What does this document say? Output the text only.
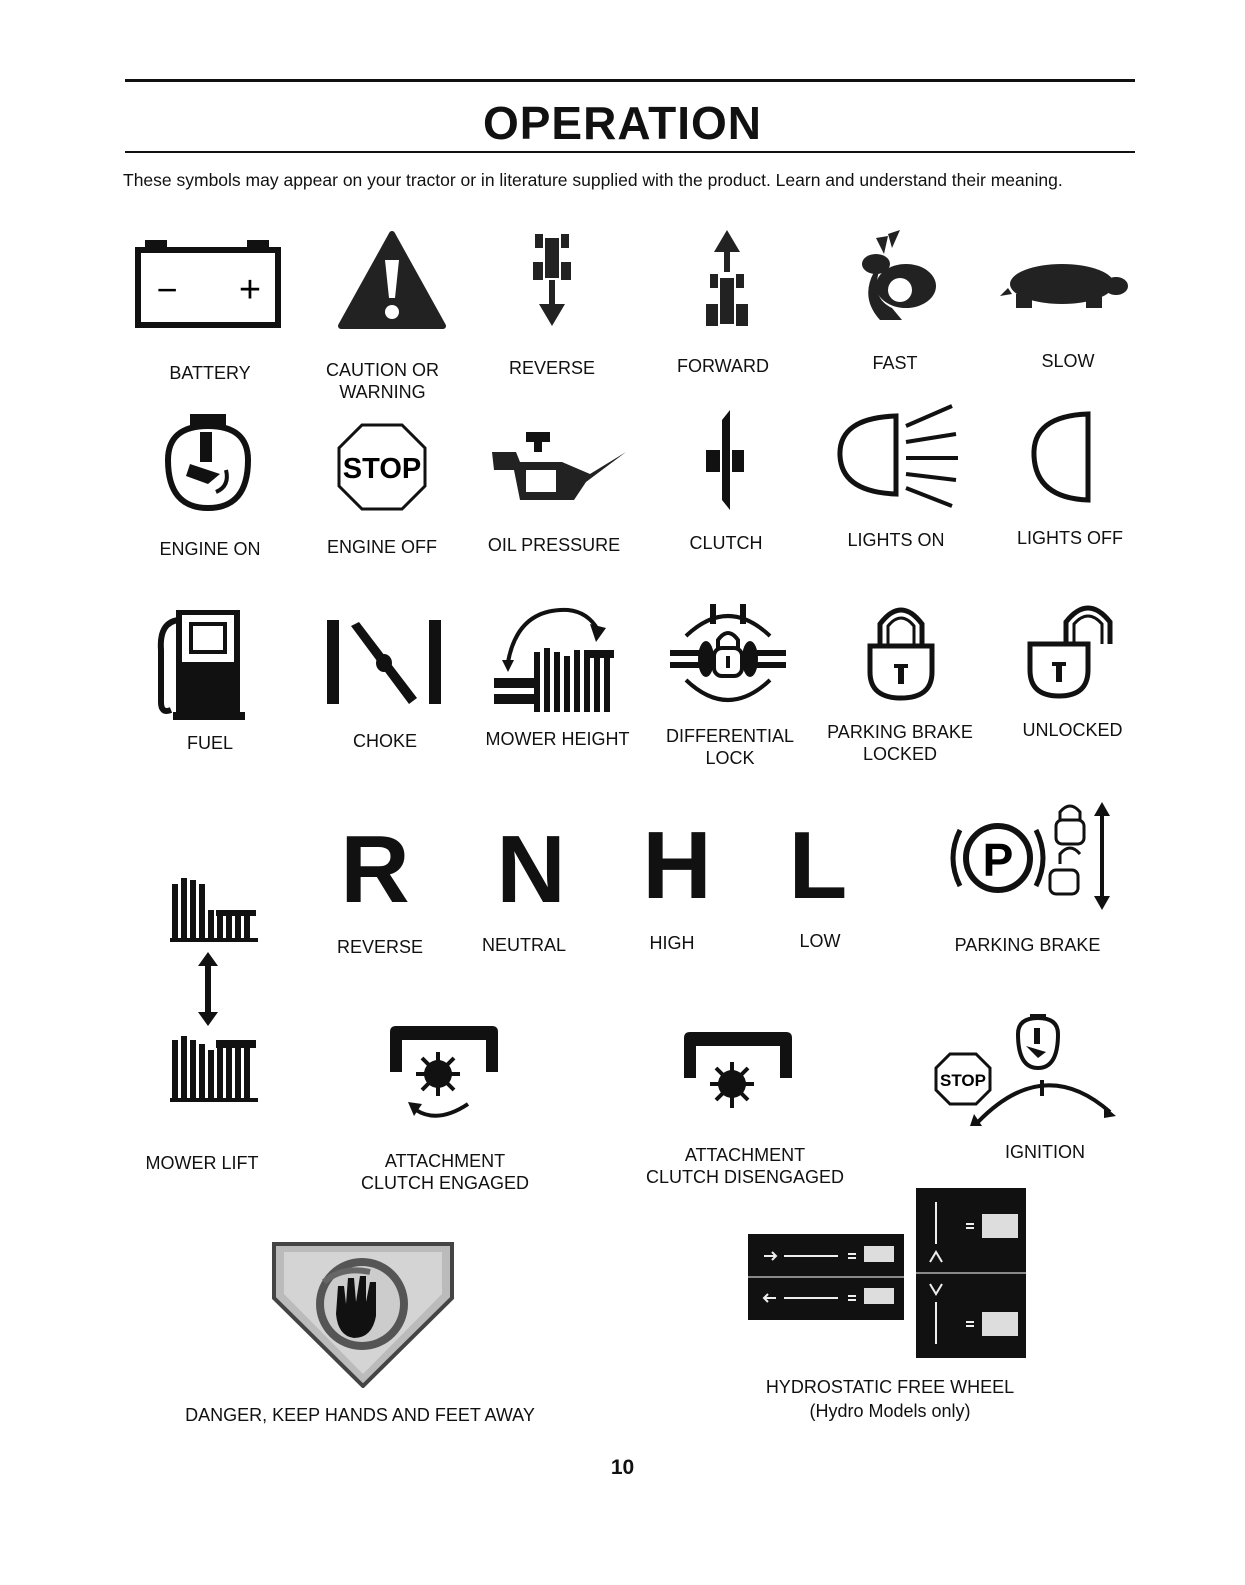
OPERATION
These symbols may appear on your tractor or in literature supplied with the product. Learn and understand their meaning.
− +
BATTERY	CAUTION OR
WARNING
REVERSE	FORWARD	FAST	SLOW
STOP
ENGINE ON	ENGINE OFF	OIL PRESSURE	CLUTCH	LIGHTS ON	LIGHTS OFF
FUEL	CHOKE	MOWER HEIGHT	DIFFERENTIAL
LOCK
PARKING BRAKE
LOCKED
UNLOCKED
R N H L	P
REVERSE	NEUTRAL	HIGH	LOW	PARKING BRAKE
STOP
MOWER LIFT	ATTACHMENT
CLUTCH ENGAGED
ATTACHMENT
CLUTCH DISENGAGED
IGNITION
DANGER, KEEP HANDS AND FEET AWAY
HYDROSTATIC FREE WHEEL
(Hydro Models only)
10
